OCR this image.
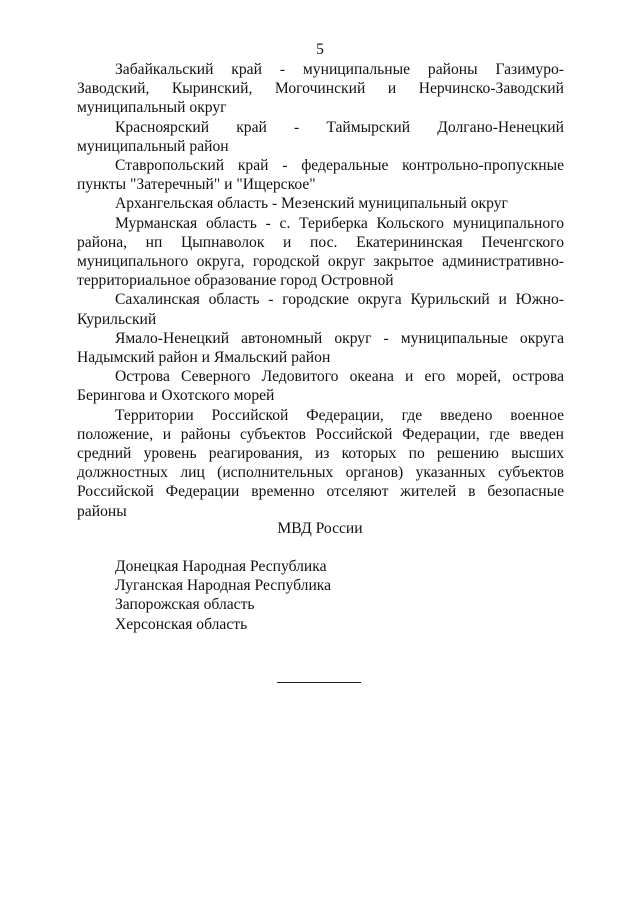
5

Забайкальский край - муниципальные районы Газимуро-Заводский, Кыринский, Могочинский и Нерчинско-Заводский муниципальный округ

Красноярский край - Таймырский Долгано-Ненецкий муниципальный район

Ставропольский край - федеральные контрольно-пропускные пункты "Затеречный" и "Ищерское"

Архангельская область - Мезенский муниципальный округ

Мурманская область - с. Териберка Кольского муниципального района, нп Цыпнаволок и пос. Екатерининская Печенгского муниципального округа, городской округ закрытое административно-территориальное образование город Островной

Сахалинская область - городские округа Курильский и Южно-Курильский

Ямало-Ненецкий автономный округ - муниципальные округа Надымский район и Ямальский район

Острова Северного Ледовитого океана и его морей, острова Берингова и Охотского морей

Территории Российской Федерации, где введено военное положение, и районы субъектов Российской Федерации, где введен средний уровень реагирования, из которых по решению высших должностных лиц (исполнительных органов) указанных субъектов Российской Федерации временно отселяют жителей в безопасные районы

МВД России

Донецкая Народная Республика

Луганская Народная Республика

Запорожская область

Херсонская область
